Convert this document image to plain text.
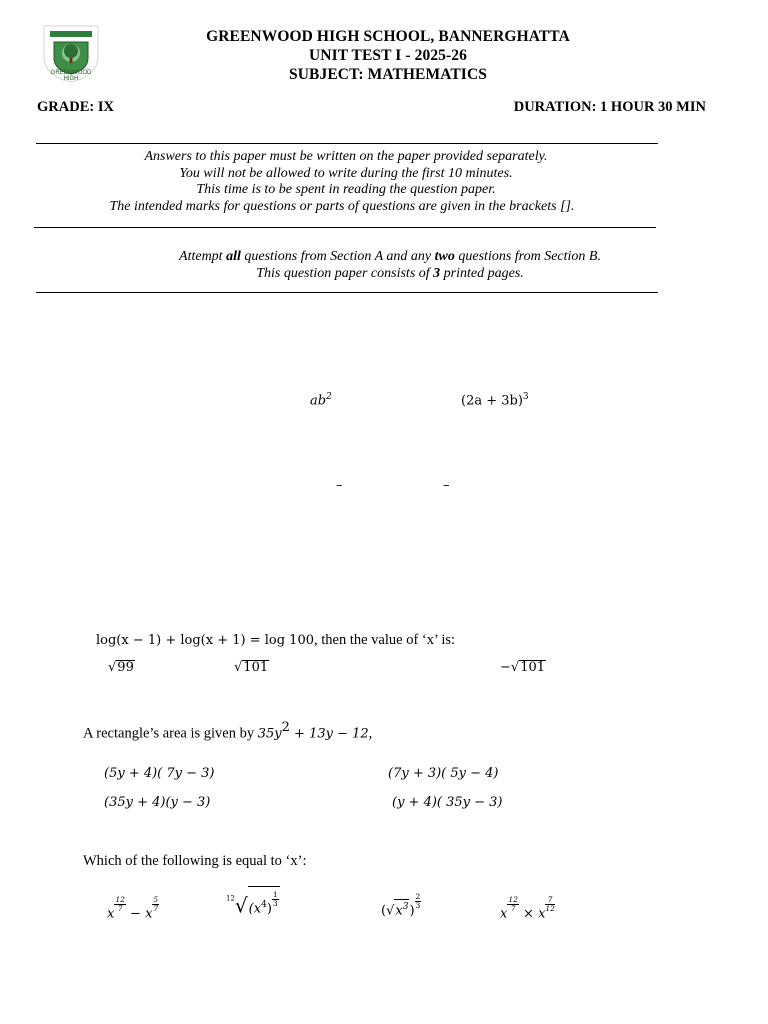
GREENWOOD HIGH
GREENWOOD HIGH SCHOOL, BANNERGHATTA
UNIT TEST I - 2025-26
SUBJECT: MATHEMATICS
GRADE: IX	DURATION: 1 HOUR 30 MIN
Answers to this paper must be written on the paper provided separately.
You will not be allowed to write during the first 10 minutes.
This time is to be spent in reading the question paper.
The intended marks for questions or parts of questions are given in the brackets [].
Attempt all questions from Section A and any two questions from Section B.
This question paper consists of 3 printed pages.
$ab^2$	$(2a + 3b)^3$
–	–
log(x − 1) + log(x + 1) = log 100, then the value of ‘x’ is:
√99	√101	−√101
A rectangle’s area is given by $35y^2 + 13y - 12$,
(5y + 4)( 7y − 3)	(7y + 3)( 5y − 4)
(35y + 4)(y − 3)	(y + 4)( 35y − 3)
Which of the following is equal to ‘x’:
x
$\frac{12}{7}$
− x
$\frac{5}{7}$	$^{12}√(x^4)$
$\frac{1}{3}$
$(√x^3)$
$\frac{2}{3}$
x
$\frac{12}{7}$
× x
$\frac{7}{12}$
